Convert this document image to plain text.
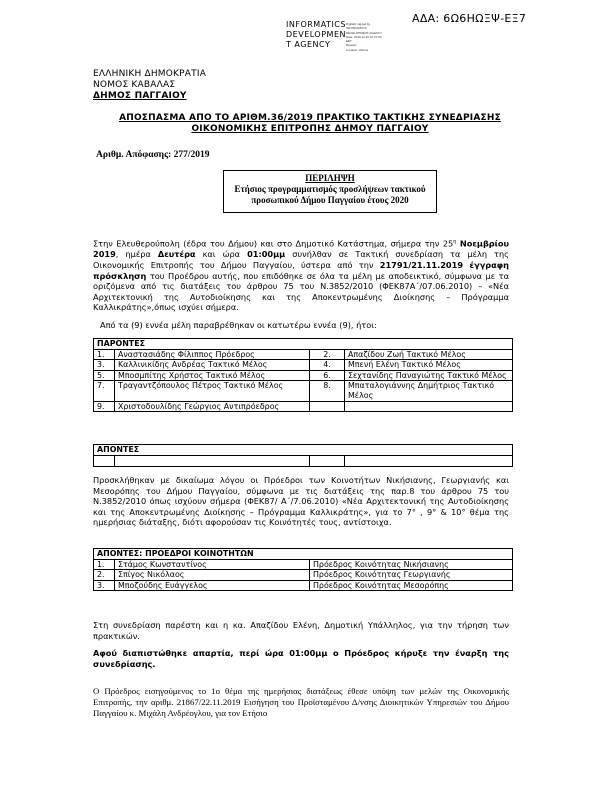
ΑΔΑ: 6Ω6ΗΩΞΨ-ΕΞ7
INFORMATICS
DEVELOPMEN
T AGENCY
Digitally signed by
INFORMATICS
DEVELOPMENT AGENCY
Date: 2019.12.20 10:37:03
EET
Reason:
Location: Athens
ΕΛΛΗΝΙΚΗ ΔΗΜΟΚΡΑΤΙΑ
ΝΟΜΟΣ ΚΑΒΑΛΑΣ
ΔΗΜΟΣ ΠΑΓΓΑΙΟΥ
ΑΠΟΣΠΑΣΜΑ ΑΠΟ ΤΟ ΑΡΙΘΜ.36/2019 ΠΡΑΚΤΙΚΟ ΤΑΚΤΙΚΗΣ ΣΥΝΕΔΡΙΑΣΗΣ
ΟΙΚΟΝΟΜΙΚΗΣ ΕΠΙΤΡΟΠΗΣ ΔΗΜΟΥ ΠΑΓΓΑΙΟΥ
Αριθμ. Απόφασης: 277/2019
ΠΕΡΙΛΗΨΗ
Ετήσιος προγραμματισμός προσλήψεων τακτικού
προσωπικού Δήμου Παγγαίου έτους 2020
Στην Ελευθερούπολη (έδρα του Δήμου) και στο Δημοτικό Κατάστημα, σήμερα την $25^\eta$ Νοεμβρίου 2019, ημέρα Δευτέρα και ώρα 01:00μμ συνήλθαν σε Τακτική συνεδρίαση τα μέλη της Οικονομικής Επιτροπής του Δήμου Παγγαίου, ύστερα από την 21791/21.11.2019 έγγραφη πρόσκληση του Προέδρου αυτής, που επιδόθηκε σε όλα τα μέλη με αποδεικτικό, σύμφωνα με τα οριζόμενα από τις διατάξεις του άρθρου 75 του Ν.3852/2010 (ΦΕΚ87Α΄/07.06.2010) – «Νέα Αρχιτεκτονική της Αυτοδιοίκησης και της Αποκεντρωμένης Διοίκησης – Πρόγραμμα Καλλικράτης»,όπως ισχύει σήμερα.
Από τα (9) εννέα μέλη παραβρέθηκαν οι κατωτέρω εννέα (9), ήτοι:
ΠΑΡΟΝΤΕΣ			
1.	Αναστασιάδης Φίλιππος Πρόεδρος	2.	Απαζίδου Ζωή Τακτικό Μέλος
3.	Καλλινικίδης Ανδρέας Τακτικό Μέλος	4.	Μπενή Ελένη Τακτικό Μέλος
5.	Μποσμπίτης Χρήστος Τακτικό Μέλος	6.	Σεχτανίδης Παναγιώτης Τακτικό Μέλος
7.	Τραγαντζόπουλος Πέτρος Τακτικό Μέλος	8.	Μπαταλογιάννης Δημήτριος Τακτικό Μέλος
9.	Χριστοδουλίδης Γεώργιος Αντιπρόεδρος		
ΑΠΟΝΤΕΣ

Προσκλήθηκαν με δικαίωμα λόγου οι Πρόεδροι των Κοινοτήτων Νικήσιανης, Γεωργιανής και Μεσορόπης του Δήμου Παγγαίου, σύμφωνα με τις διατάξεις της παρ.8 του άρθρου 75 του Ν.3852/2010 όπως ισχύουν σήμερα (ΦΕΚ87/ Α΄/7.06.2010) «Νέα Αρχιτεκτονική της Αυτοδιοίκησης και της Αποκεντρωμένης Διοίκησης – Πρόγραμμα Καλλικράτης», για το 7° , 9° & 10° θέμα της ημερήσιας διάταξης, διότι αφορούσαν τις Κοινότητές τους, αντίστοιχα.
ΑΠΟΝΤΕΣ: ΠΡΟΕΔΡΟΙ ΚΟΙΝΟΤΗΤΩΝ		
1.	Στάμος Κωνσταντίνος	Πρόεδρος Κοινότητας Νικήσιανης
2.	Σπίγος Νικόλαος	Πρόεδρος Κοινότητας Γεωργιανής
3.	Μποζούδης Ευάγγελος	Πρόεδρος Κοινότητας Μεσορόπης
Στη συνεδρίαση παρέστη και η κα. Απαζίδου Ελένη, Δημοτική Υπάλληλος, για την τήρηση των πρακτικών.
Αφού διαπιστώθηκε απαρτία, περί ώρα 01:00μμ ο Πρόεδρος κήρυξε την έναρξη της συνεδρίασης.
Ο Πρόεδρος εισηγούμενος το 1ο θέμα της ημερήσιας διατάξεως έθεσε υπόψη των μελών της Οικονομικής Επιτροπής, την αριθμ. 21867/22.11.2019 Εισήγηση του Προϊσταμένου Δ/νσης Διοικητικών Υπηρεσιών του Δήμου Παγγαίου κ. Μιχάλη Ανδρέογλου, για τον Ετήσιο
